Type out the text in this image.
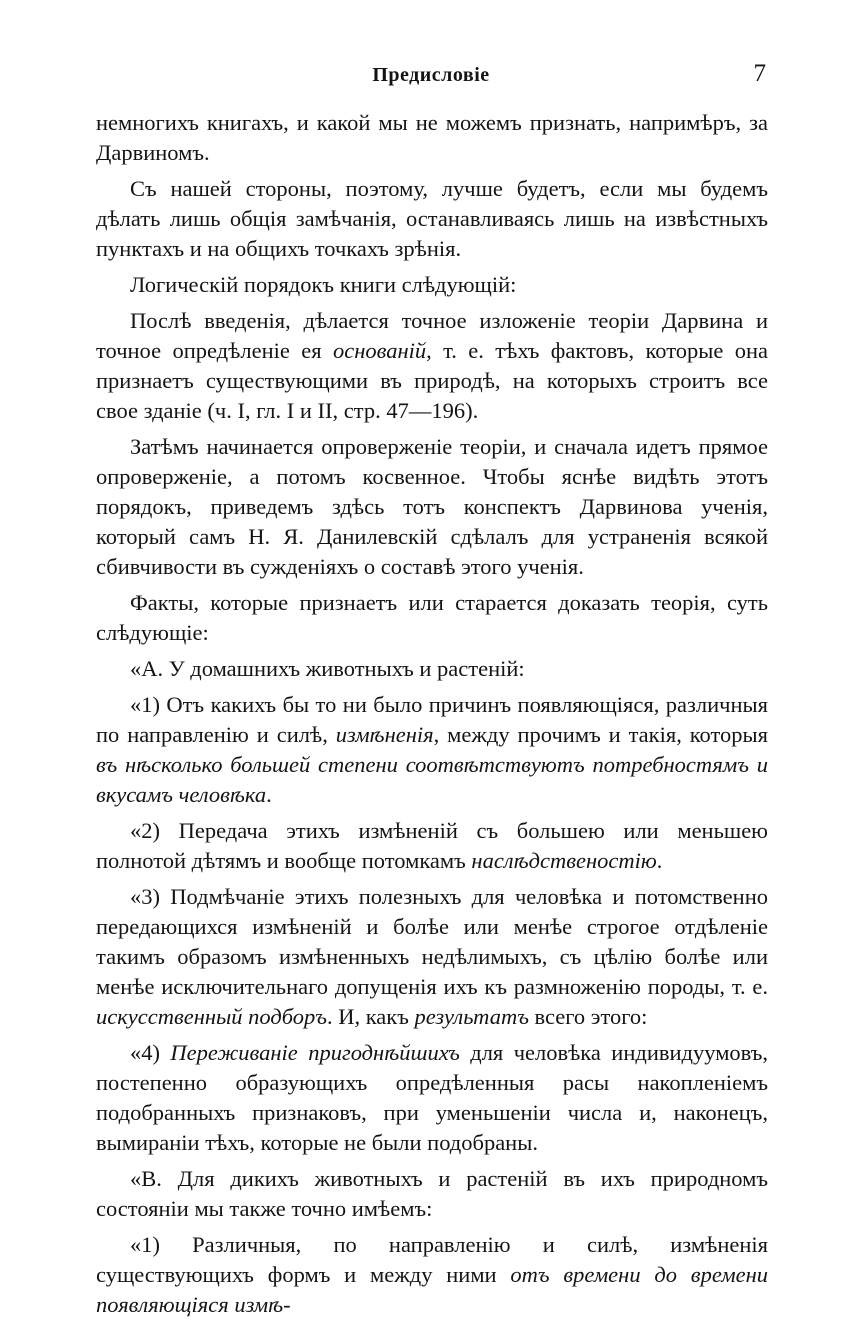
Предисловіе	7

немногихъ книгахъ, и какой мы не можемъ признать, напримѣръ, за Дарвиномъ.

Съ нашей стороны, поэтому, лучше будетъ, если мы будемъ дѣлать лишь общія замѣчанія, останавливаясь лишь на извѣстныхъ пунктахъ и на общихъ точкахъ зрѣнія.

Логическій порядокъ книги слѣдующій:

Послѣ введенія, дѣлается точное изложеніе теоріи Дарвина и точное опредѣленіе ея основаній, т. е. тѣхъ фактовъ, которые она признаетъ существующими въ природѣ, на которыхъ строитъ все свое зданіе (ч. I, гл. I и II, стр. 47—196).

Затѣмъ начинается опроверженіе теоріи, и сначала идетъ прямое опроверженіе, а потомъ косвенное. Чтобы яснѣе видѣть этотъ порядокъ, приведемъ здѣсь тотъ конспектъ Дарвинова ученія, который самъ Н. Я. Данилевскій сдѣлалъ для устраненія всякой сбивчивости въ сужденіяхъ о составѣ этого ученія.

Факты, которые признаетъ или старается доказать теорія, суть слѣдующіе:

«А. У домашнихъ животныхъ и растеній:

«1) Отъ какихъ бы то ни было причинъ появляющіяся, различныя по направленію и силѣ, измѣненія, между прочимъ и такія, которыя въ нѣсколько большей степени соотвѣтствуютъ потребностямъ и вкусамъ человѣка.

«2) Передача этихъ измѣненій съ большею или меньшею полнотой дѣтямъ и вообще потомкамъ наслѣдственостію.

«3) Подмѣчаніе этихъ полезныхъ для человѣка и потомственно передающихся измѣненій и болѣе или менѣе строгое отдѣленіе такимъ образомъ измѣненныхъ недѣлимыхъ, съ цѣлію болѣе или менѣе исключительнаго допущенія ихъ къ размноженію породы, т. е. искусственный подборъ. И, какъ результатъ всего этого:

«4) Переживаніе пригоднѣйшихъ для человѣка индивидуумовъ, постепенно образующихъ опредѣленныя расы накопленіемъ подобранныхъ признаковъ, при уменьшеніи числа и, наконецъ, вымираніи тѣхъ, которые не были подобраны.

«В. Для дикихъ животныхъ и растеній въ ихъ природномъ состояніи мы также точно имѣемъ:

«1) Различныя, по направленію и силѣ, измѣненія существующихъ формъ и между ними отъ времени до времени появляющіяся измѣ-
